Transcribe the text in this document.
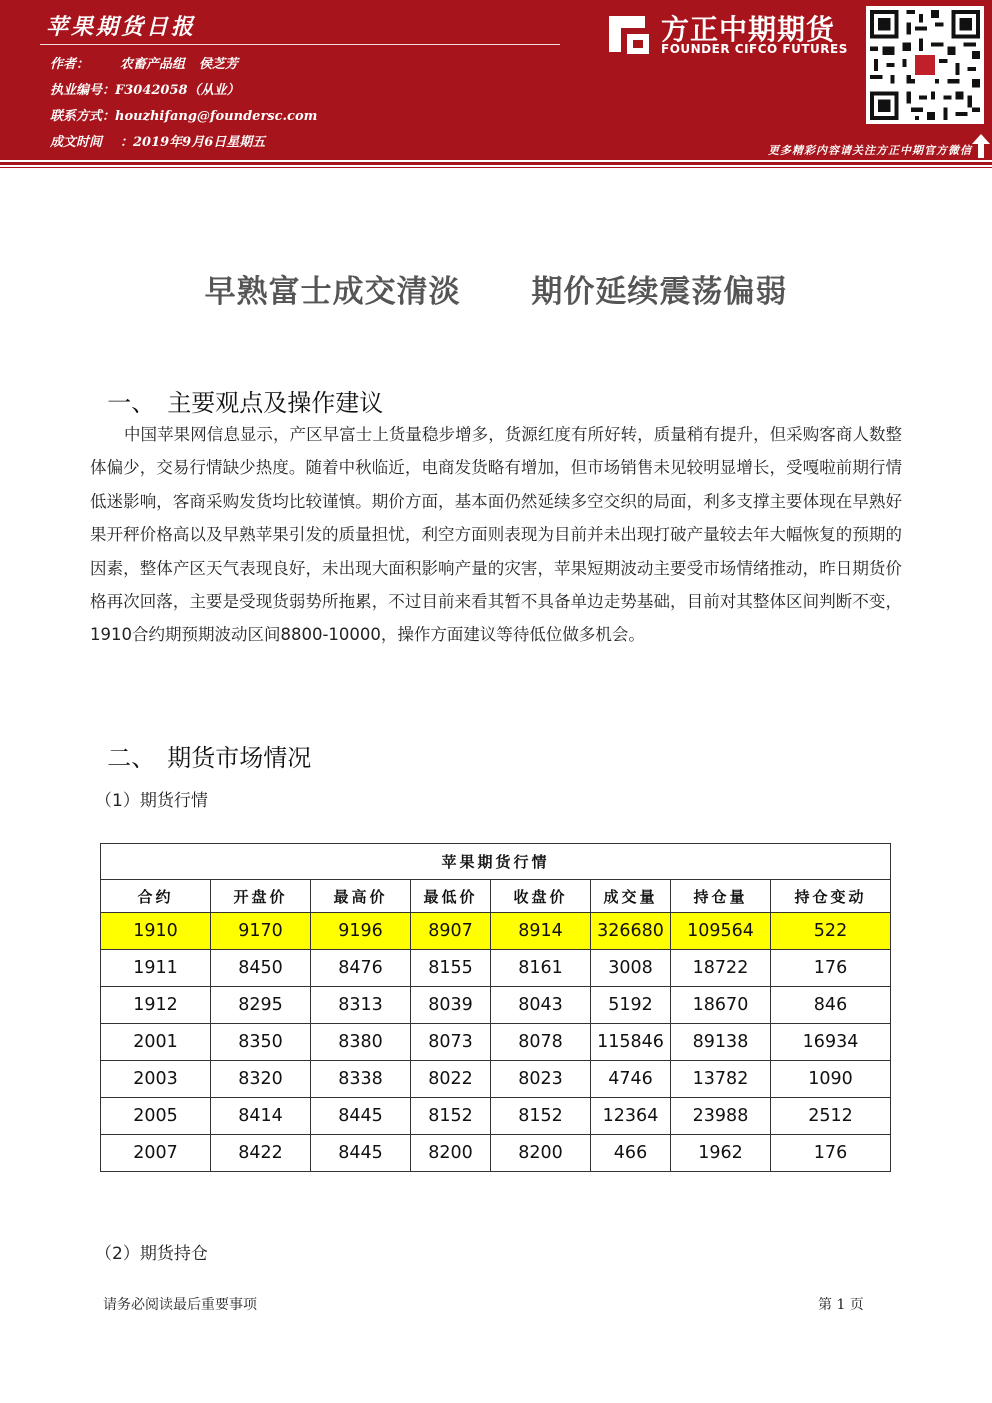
苹果期货日报
作者： 农畜产品组 侯芝芳
执业编号：F3042058（从业）
联系方式：houzhifang@foundersc.com
成文时间 ：2019年9月6日星期五
方正中期期货
FOUNDER CIFCO FUTURES
更多精彩内容请关注方正中期官方微信
早熟富士成交清淡      期价延续震荡偏弱

一、 主要观点及操作建议

中国苹果网信息显示，产区早富士上货量稳步增多，货源红度有所好转，质量稍有提升，但采购客商人数整体偏少，交易行情缺少热度。随着中秋临近，电商发货略有增加，但市场销售未见较明显增长，受嘎啦前期行情低迷影响，客商采购发货均比较谨慎。期价方面，基本面仍然延续多空交织的局面，利多支撑主要体现在早熟好果开秤价格高以及早熟苹果引发的质量担忧，利空方面则表现为目前并未出现打破产量较去年大幅恢复的预期的因素，整体产区天气表现良好，未出现大面积影响产量的灾害，苹果短期波动主要受市场情绪推动，昨日期货价格再次回落，主要是受现货弱势所拖累，不过目前来看其暂不具备单边走势基础，目前对其整体区间判断不变，1910合约期预期波动区间8800-10000，操作方面建议等待低位做多机会。

二、 期货市场情况

（1）期货行情
苹果期货行情							
合约	开盘价	最高价	最低价	收盘价	成交量	持仓量	持仓变动
1910	9170	9196	8907	8914	326680	109564	522
1911	8450	8476	8155	8161	3008	18722	176
1912	8295	8313	8039	8043	5192	18670	846
2001	8350	8380	8073	8078	115846	89138	16934
2003	8320	8338	8022	8023	4746	13782	1090
2005	8414	8445	8152	8152	12364	23988	2512
2007	8422	8445	8200	8200	466	1962	176
（2）期货持仓
请务必阅读最后重要事项	第 1 页
